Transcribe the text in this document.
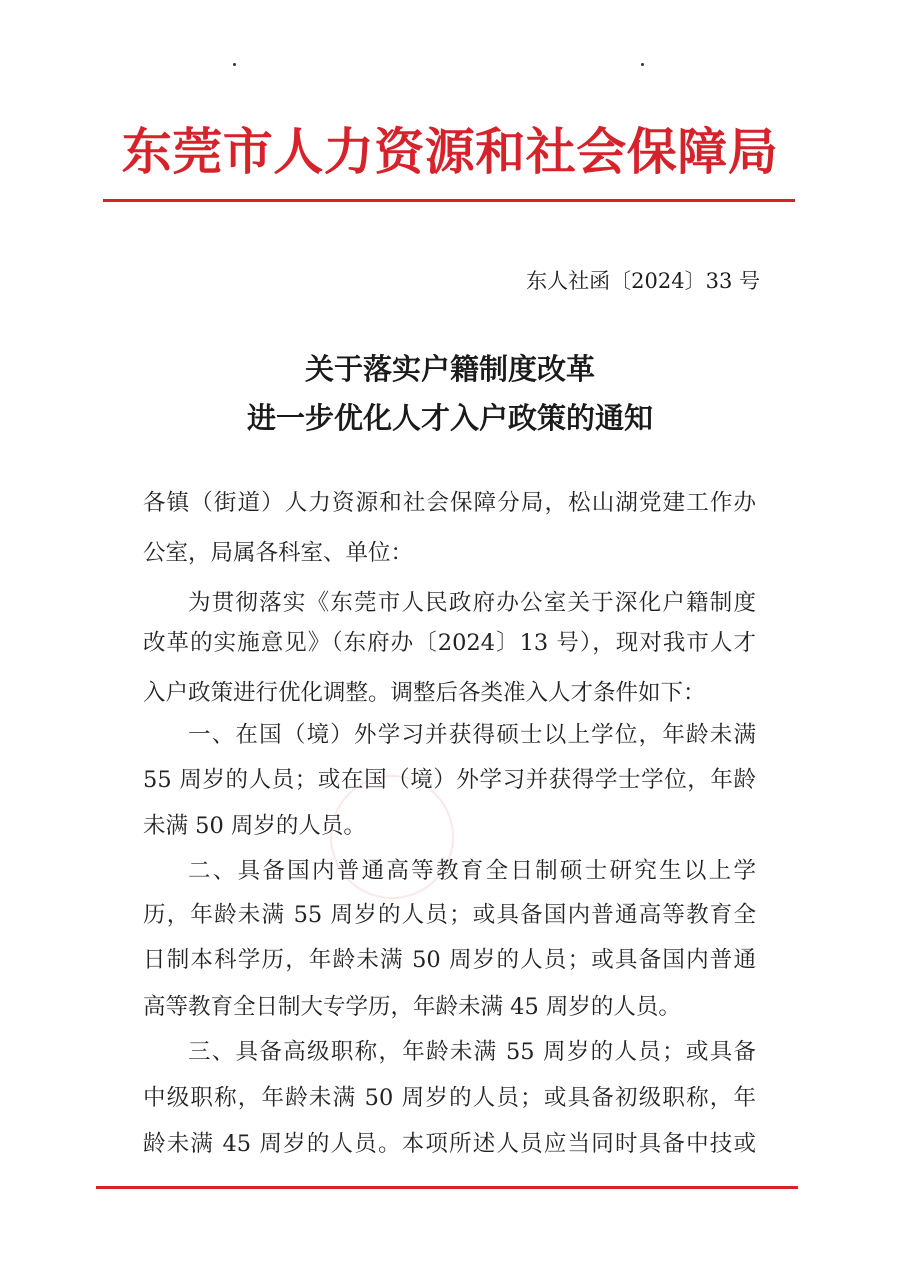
东莞市人力资源和社会保障局
东人社函〔2024〕33 号
关于落实户籍制度改革
进一步优化人才入户政策的通知
各镇（街道）人力资源和社会保障分局，松山湖党建工作办
公室，局属各科室、单位：
为贯彻落实《东莞市人民政府办公室关于深化户籍制度
改革的实施意见》（东府办〔2024〕13 号），现对我市人才
入户政策进行优化调整。调整后各类准入人才条件如下：
一、在国（境）外学习并获得硕士以上学位，年龄未满
55 周岁的人员；或在国（境）外学习并获得学士学位，年龄
未满 50 周岁的人员。
二、具备国内普通高等教育全日制硕士研究生以上学
历，年龄未满 55 周岁的人员；或具备国内普通高等教育全
日制本科学历，年龄未满 50 周岁的人员；或具备国内普通
高等教育全日制大专学历，年龄未满 45 周岁的人员。
三、具备高级职称，年龄未满 55 周岁的人员；或具备
中级职称，年龄未满 50 周岁的人员；或具备初级职称，年
龄未满 45 周岁的人员。本项所述人员应当同时具备中技或
